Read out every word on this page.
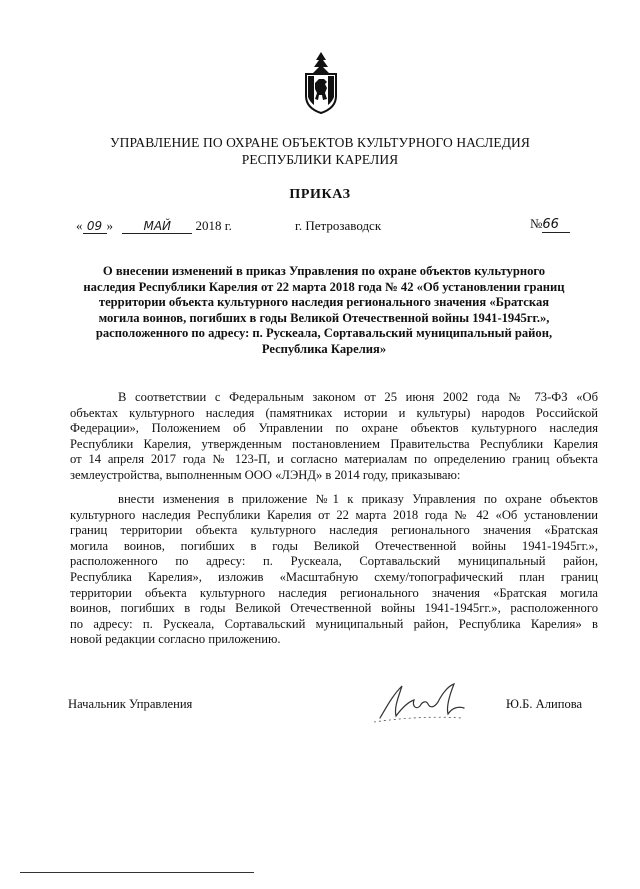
УПРАВЛЕНИЕ ПО ОХРАНЕ ОБЪЕКТОВ КУЛЬТУРНОГО НАСЛЕДИЯ
РЕСПУБЛИКИ КАРЕЛИЯ
ПРИКАЗ
« 09 »	МАЙ 2018 г.	г. Петрозаводск	№66
О внесении изменений в приказ Управления по охране объектов культурного
наследия Республики Карелия от 22 марта 2018 года № 42 «Об установлении границ
территории объекта культурного наследия регионального значения «Братская
могила воинов, погибших в годы Великой Отечественной войны 1941-1945гг.»,
расположенного по адресу: п. Рускеала, Сортавальский муниципальный район,
Республика Карелия»
В соответствии с Федеральным законом от 25 июня 2002 года № 73-ФЗ «Об
объектах культурного наследия (памятниках истории и культуры) народов Российской
Федерации», Положением об Управлении по охране объектов культурного наследия
Республики Карелия, утвержденным постановлением Правительства Республики Карелия
от 14 апреля 2017 года № 123-П, и согласно материалам по определению границ объекта
землеустройства, выполненным ООО «ЛЭНД» в 2014 году, приказываю:
внести изменения в приложение №1 к приказу Управления по охране объектов
культурного наследия Республики Карелия от 22 марта 2018 года № 42 «Об установлении
границ территории объекта культурного наследия регионального значения «Братская
могила воинов, погибших в годы Великой Отечественной войны 1941-1945гг.»,
расположенного по адресу: п. Рускеала, Сортавальский муниципальный район,
Республика Карелия», изложив «Масштабную схему/топографический план границ
территории объекта культурного наследия регионального значения «Братская могила
воинов, погибших в годы Великой Отечественной войны 1941-1945гг.», расположенного
по адресу: п. Рускеала, Сортавальский муниципальный район, Республика Карелия» в
новой редакции согласно приложению.
Начальник Управления	Ю.Б. Алипова
